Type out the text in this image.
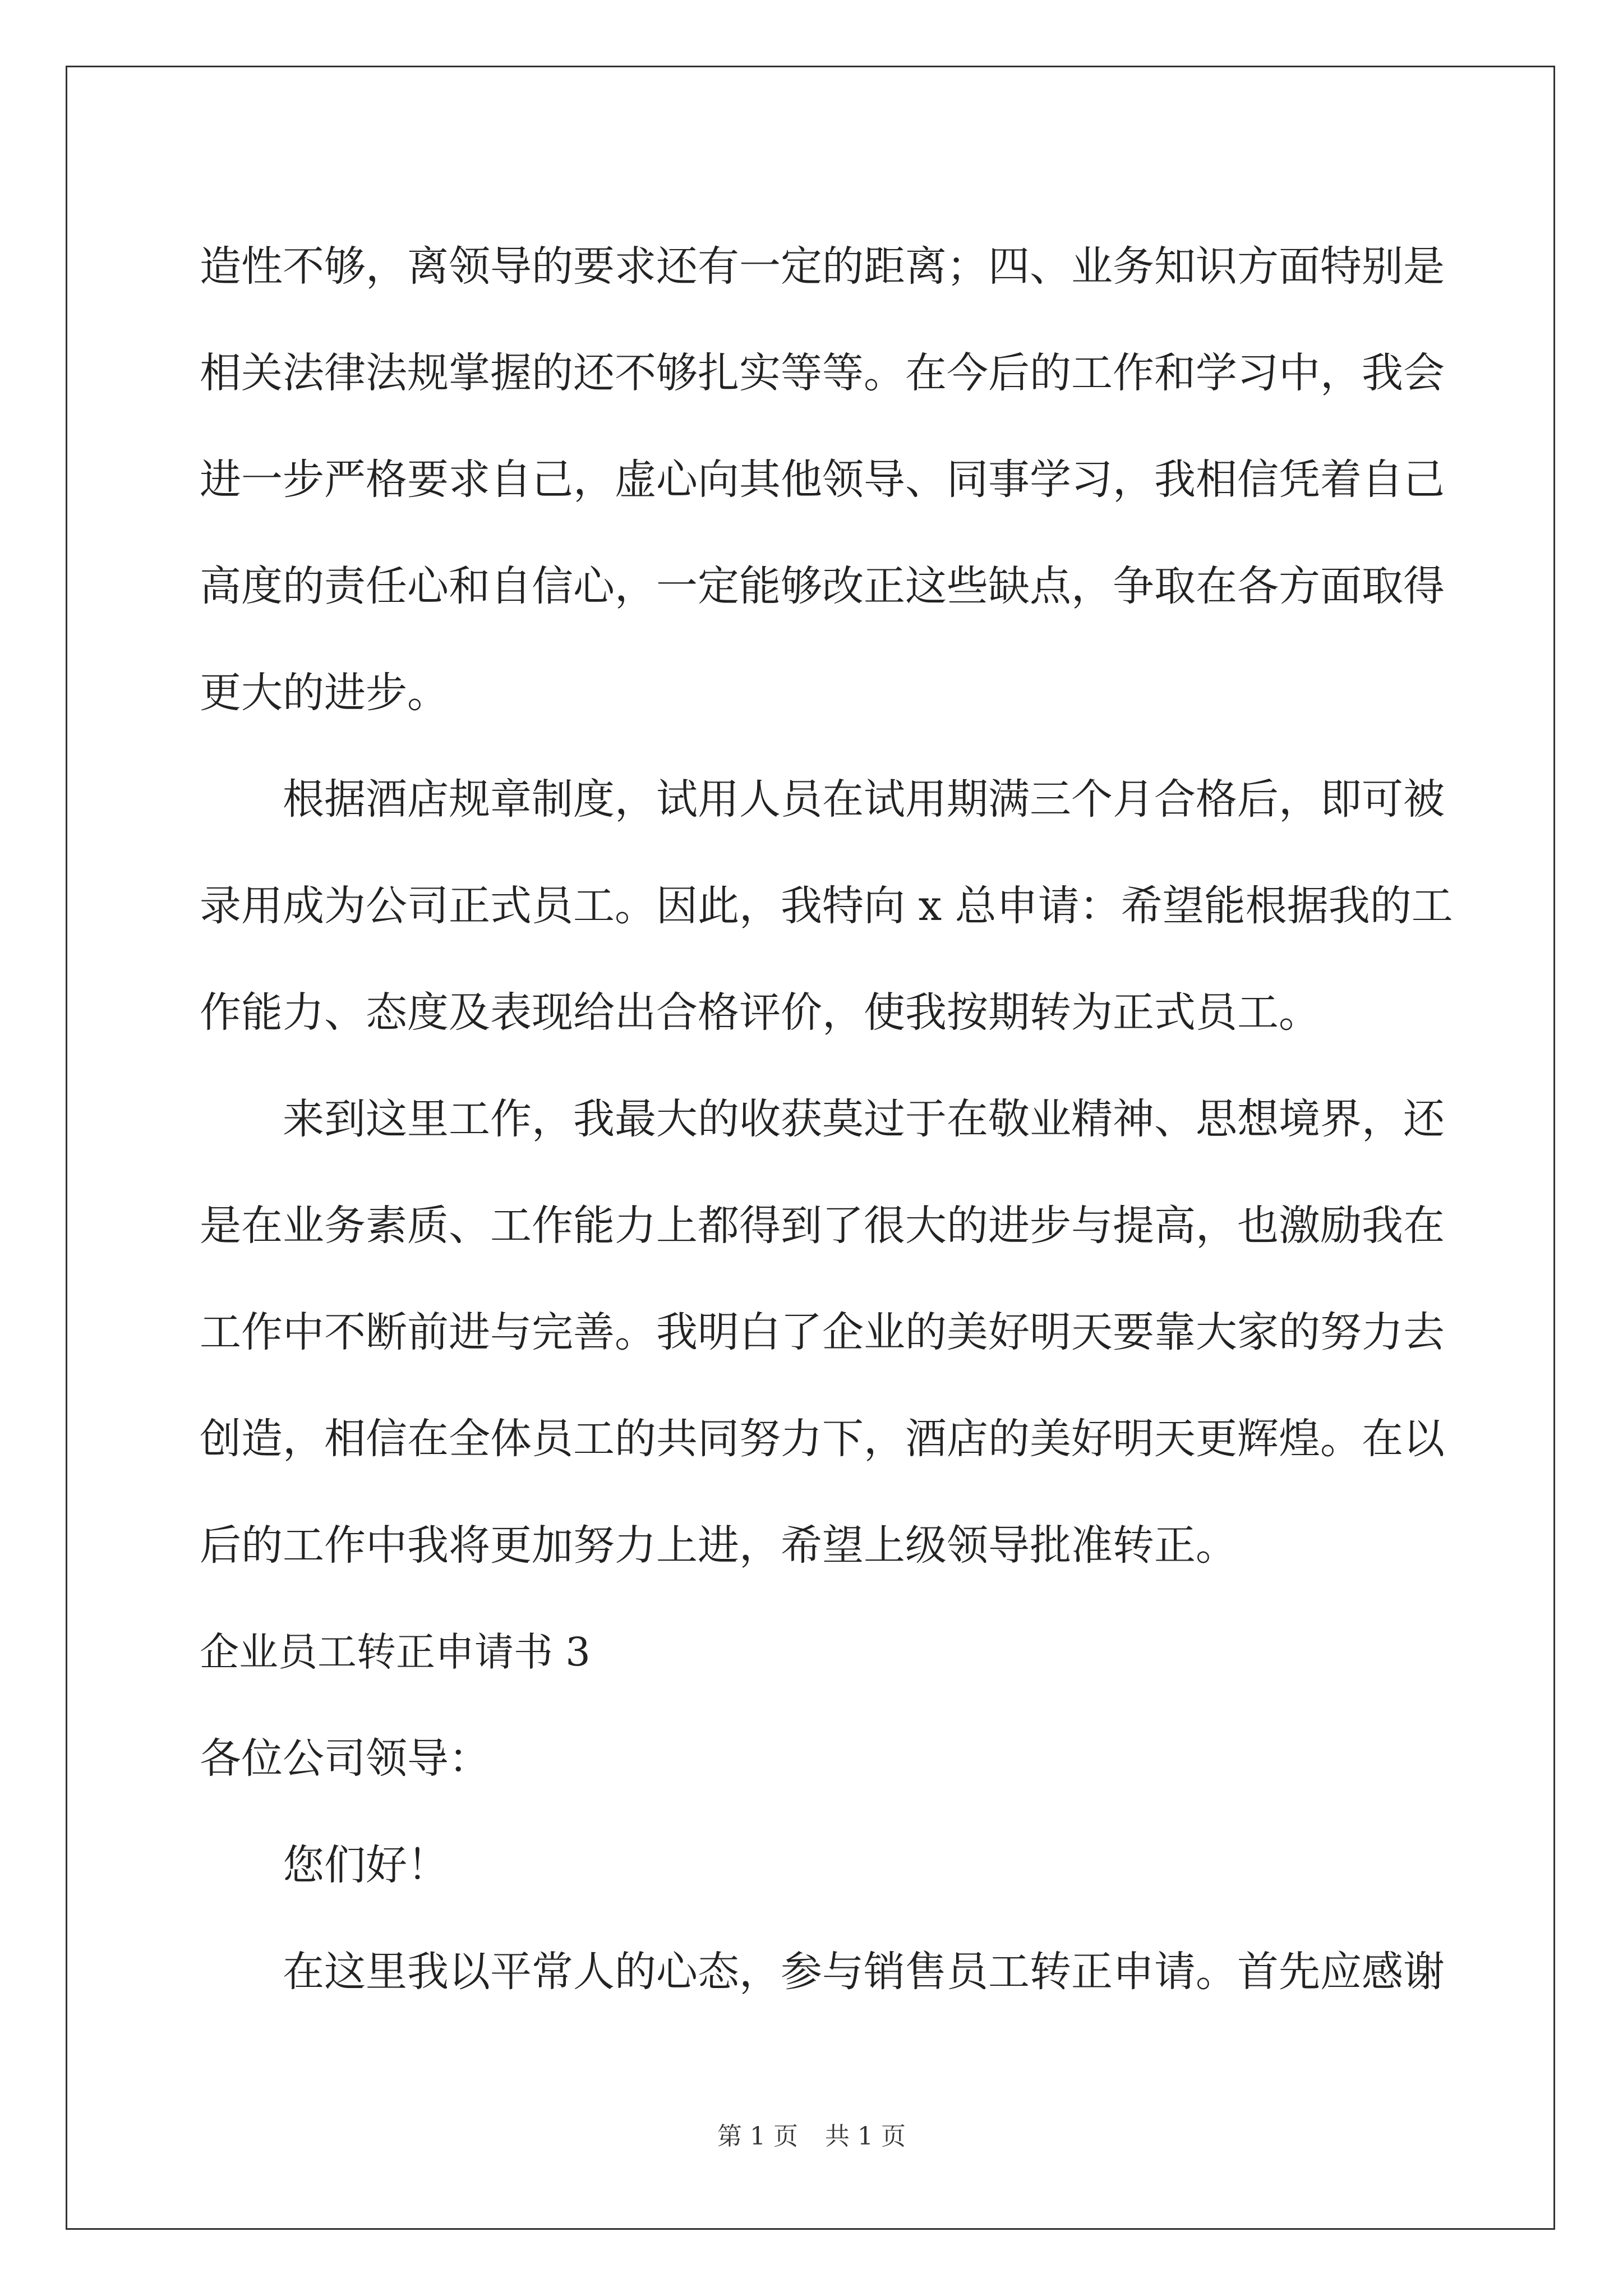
造性不够，离领导的要求还有一定的距离；四、业务知识方面特别是
相关法律法规掌握的还不够扎实等等。在今后的工作和学习中，我会
进一步严格要求自己，虚心向其他领导、同事学习，我相信凭着自己
高度的责任心和自信心，一定能够改正这些缺点，争取在各方面取得
更大的进步。
根据酒店规章制度，试用人员在试用期满三个月合格后，即可被
录用成为公司正式员工。因此，我特向 x 总申请：希望能根据我的工
作能力、态度及表现给出合格评价，使我按期转为正式员工。
来到这里工作，我最大的收获莫过于在敬业精神、思想境界，还
是在业务素质、工作能力上都得到了很大的进步与提高，也激励我在
工作中不断前进与完善。我明白了企业的美好明天要靠大家的努力去
创造，相信在全体员工的共同努力下，酒店的美好明天更辉煌。在以
后的工作中我将更加努力上进，希望上级领导批准转正。
企业员工转正申请书 3
各位公司领导：
您们好！
在这里我以平常人的心态，参与销售员工转正申请。首先应感谢
第 1 页 共 1 页
